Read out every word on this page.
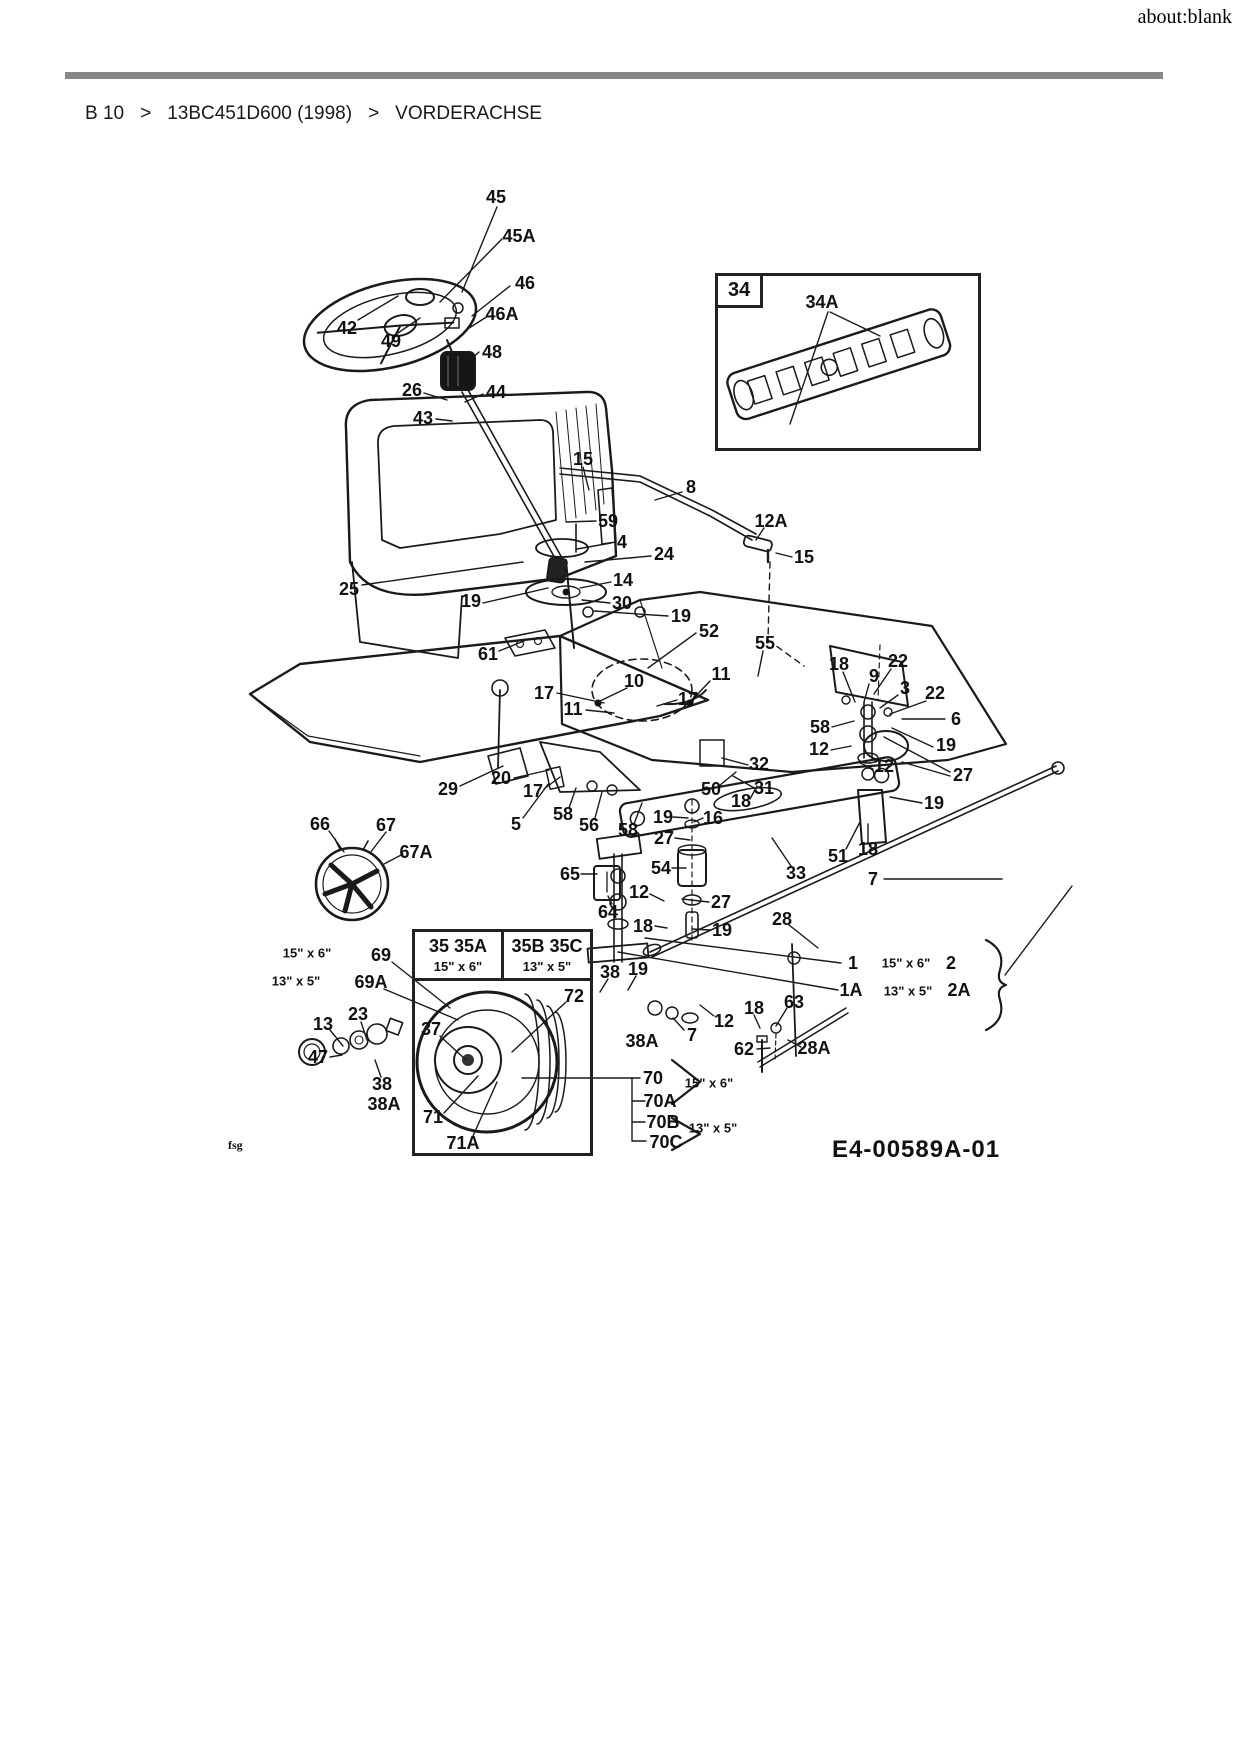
about:blank
B 10 > 13BC451D600 (1998) > VORDERACHSE
34
35 35A
15" x 6"
35B 35C
13" x 5"
E4-00589A-01
fsg
45
45A
46
46A
42
49
48
26	44
43
34A
15
8
59
4
24
14
25
30
19
19
52
55
61
12A
15
18 22
9
3 22
6
58
19
12
12	27
19
10	11
17	17
11
29
20
17
5 58
56 58
32
31
50
18
19 16
27
54	33
51 18
7
65
64
12	27
28
18	19
66	67
67A
15" x 6" 69
13" x 5" 69A
72
38 19
37
13 23
47
38
38A
71
71A
70
70A
70B
70C
15" x 6"
13" x 5"
1 15" x 6" 2
1A 13" x 5" 2A
12
18 63
7
38A	62 28A
